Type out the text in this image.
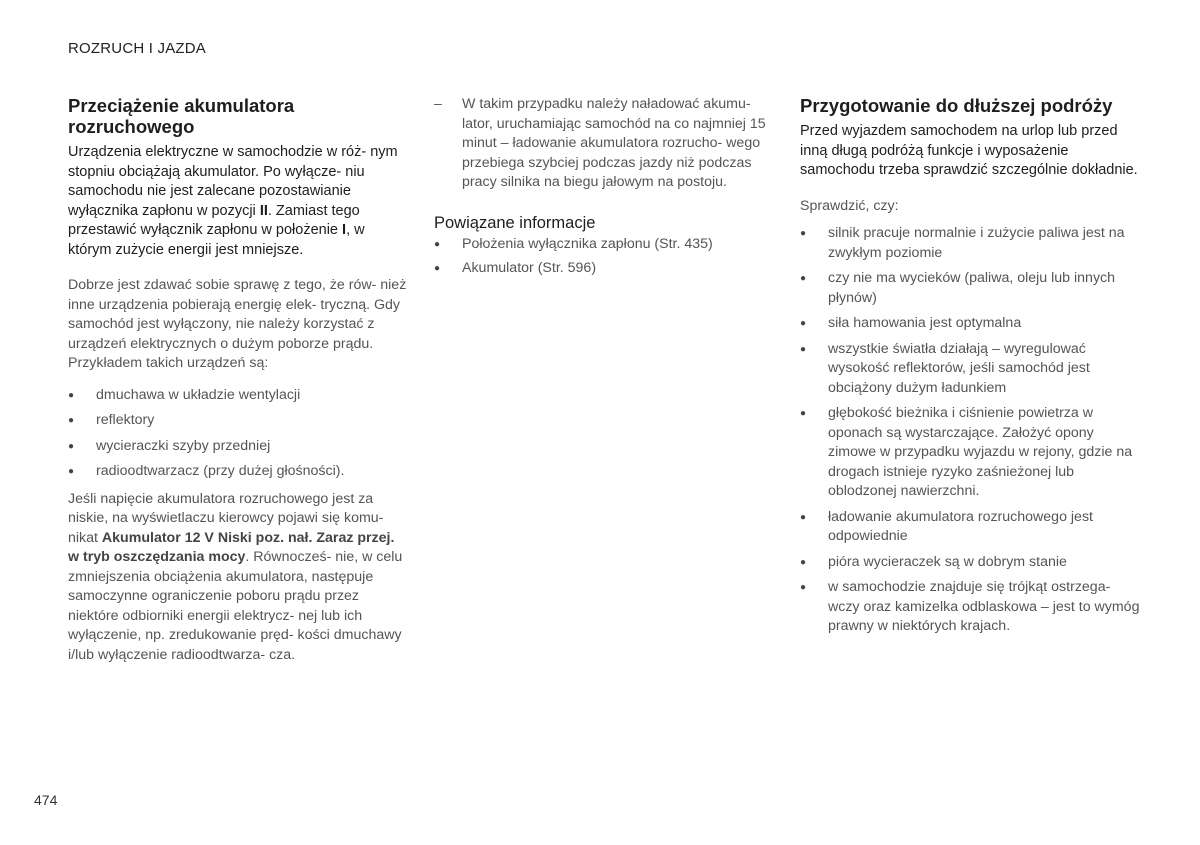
ROZRUCH I JAZDA
Przeciążenie akumulatora rozruchowego

Urządzenia elektryczne w samochodzie w róż- nym stopniu obciążają akumulator. Po wyłącze- niu samochodu nie jest zalecane pozostawianie wyłącznika zapłonu w pozycji II. Zamiast tego przestawić wyłącznik zapłonu w położenie I, w którym zużycie energii jest mniejsze.

Dobrze jest zdawać sobie sprawę z tego, że rów- nież inne urządzenia pobierają energię elek- tryczną. Gdy samochód jest wyłączony, nie należy korzystać z urządzeń elektrycznych o dużym poborze prądu. Przykładem takich urządzeń są:

● dmuchawa w układzie wentylacji
● reflektory
● wycieraczki szyby przedniej
● radioodtwarzacz (przy dużej głośności).

Jeśli napięcie akumulatora rozruchowego jest za niskie, na wyświetlaczu kierowcy pojawi się komu- nikat Akumulator 12 V Niski poz. nał. Zaraz przej. w tryb oszczędzania mocy. Równocześ- nie, w celu zmniejszenia obciążenia akumulatora, następuje samoczynne ograniczenie poboru prądu przez niektóre odbiorniki energii elektrycz- nej lub ich wyłączenie, np. zredukowanie pręd- kości dmuchawy i/lub wyłączenie radioodtwarza- cza.

– W takim przypadku należy naładować akumu- lator, uruchamiając samochód na co najmniej 15 minut – ładowanie akumulatora rozrucho- wego przebiega szybciej podczas jazdy niż podczas pracy silnika na biegu jałowym na postoju.
Powiązane informacje
● Położenia wyłącznika zapłonu (Str. 435)
● Akumulator (Str. 596)
Przygotowanie do dłuższej podróży

Przed wyjazdem samochodem na urlop lub przed inną długą podróżą funkcje i wyposażenie samochodu trzeba sprawdzić szczególnie dokładnie.

Sprawdzić, czy:

● silnik pracuje normalnie i zużycie paliwa jest na zwykłym poziomie
● czy nie ma wycieków (paliwa, oleju lub innych płynów)
● siła hamowania jest optymalna
● wszystkie światła działają – wyregulować wysokość reflektorów, jeśli samochód jest obciążony dużym ładunkiem
● głębokość bieżnika i ciśnienie powietrza w oponach są wystarczające. Założyć opony zimowe w przypadku wyjazdu w rejony, gdzie na drogach istnieje ryzyko zaśnieżonej lub oblodzonej nawierzchni.
● ładowanie akumulatora rozruchowego jest odpowiednie
● pióra wycieraczek są w dobrym stanie
● w samochodzie znajduje się trójkąt ostrzega- wczy oraz kamizelka odblaskowa – jest to wymóg prawny w niektórych krajach.
474
